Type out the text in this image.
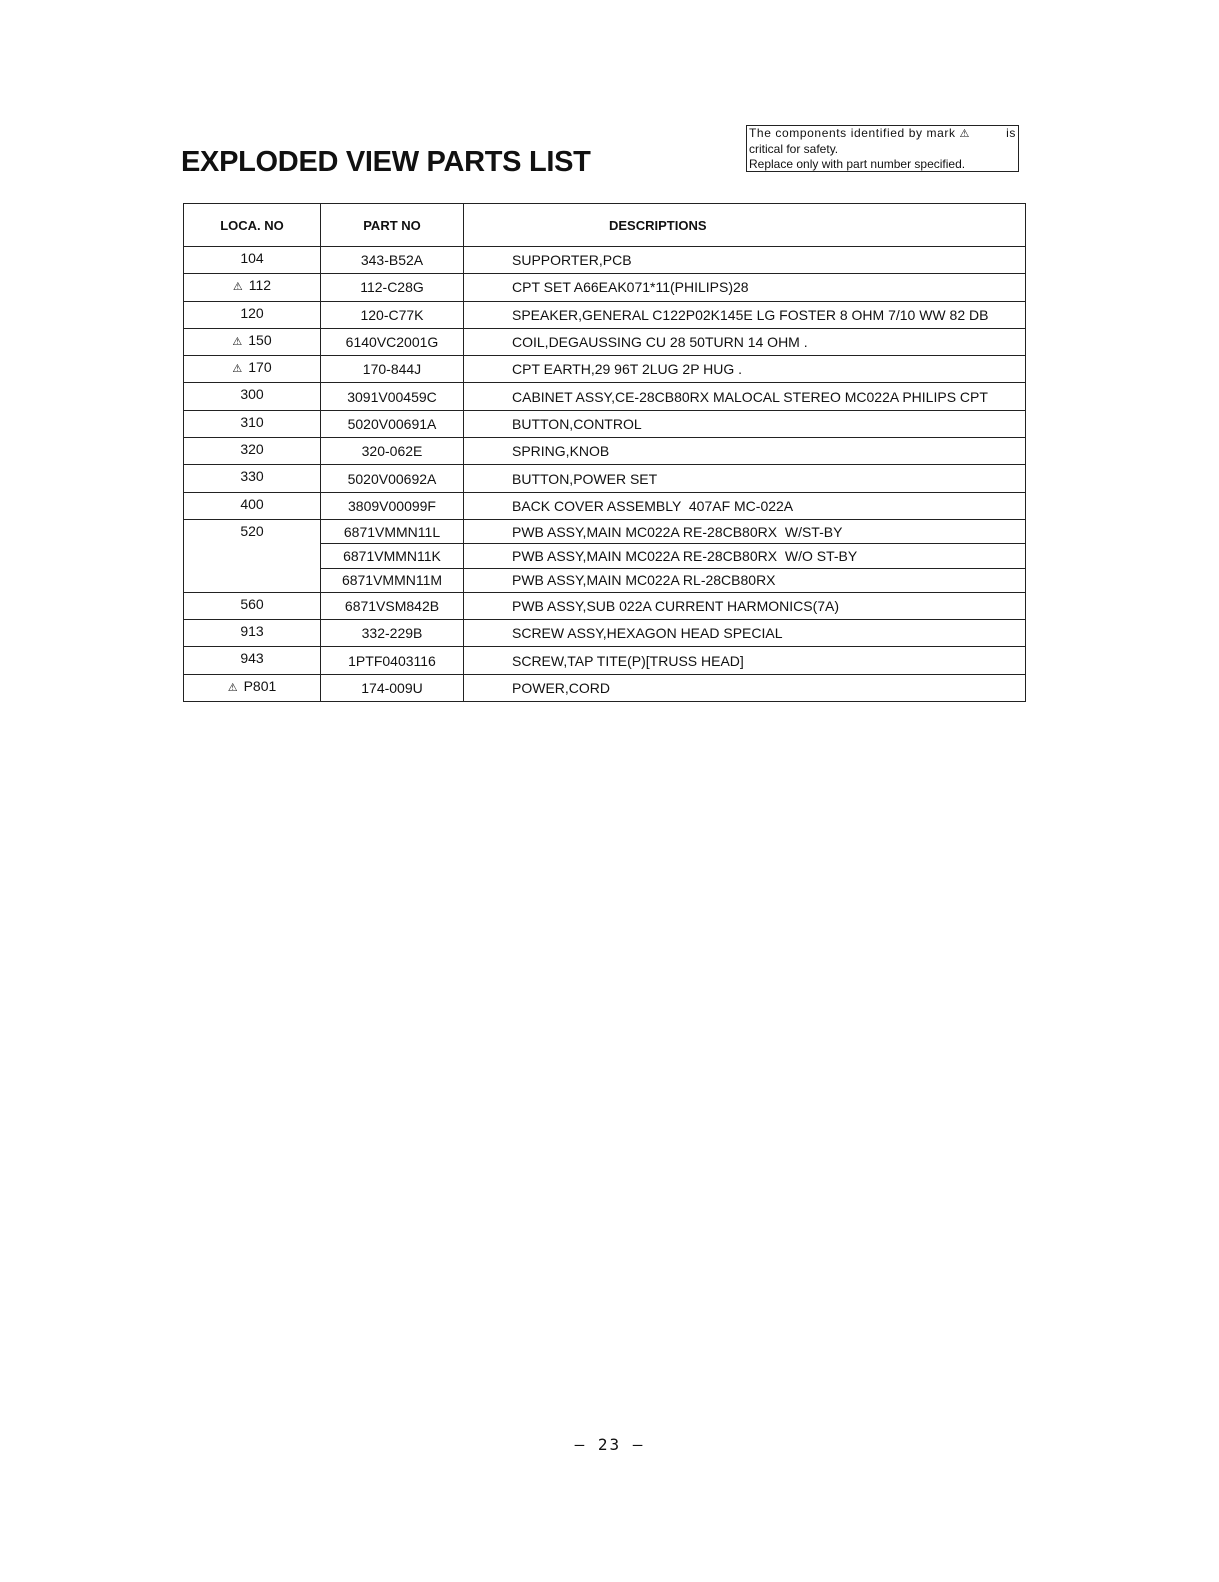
EXPLODED VIEW PARTS LIST
The components identified by mark ⚠	is
critical for safety.
Replace only with part number specified.
LOCA. NO	PART NO	DESCRIPTIONS
104	343-B52A	SUPPORTER,PCB
⚠ 112	112-C28G	CPT SET A66EAK071*11(PHILIPS)28
120	120-C77K	SPEAKER,GENERAL C122P02K145E LG FOSTER 8 OHM 7/10 WW 82 DB
⚠ 150	6140VC2001G	COIL,DEGAUSSING CU 28 50TURN 14 OHM .
⚠ 170	170-844J	CPT EARTH,29 96T 2LUG 2P HUG .
300	3091V00459C	CABINET ASSY,CE-28CB80RX MALOCAL STEREO MC022A PHILIPS CPT
310	5020V00691A	BUTTON,CONTROL
320	320-062E	SPRING,KNOB
330	5020V00692A	BUTTON,POWER SET
400	3809V00099F	BACK COVER ASSEMBLY  407AF MC-022A
520	6871VMMN11L	PWB ASSY,MAIN MC022A RE-28CB80RX  W/ST-BY
	6871VMMN11K	PWB ASSY,MAIN MC022A RE-28CB80RX  W/O ST-BY
	6871VMMN11M	PWB ASSY,MAIN MC022A RL-28CB80RX
560	6871VSM842B	PWB ASSY,SUB 022A CURRENT HARMONICS(7A)
913	332-229B	SCREW ASSY,HEXAGON HEAD SPECIAL
943	1PTF0403116	SCREW,TAP TITE(P)[TRUSS HEAD]
⚠ P801	174-009U	POWER,CORD
– 23 –
